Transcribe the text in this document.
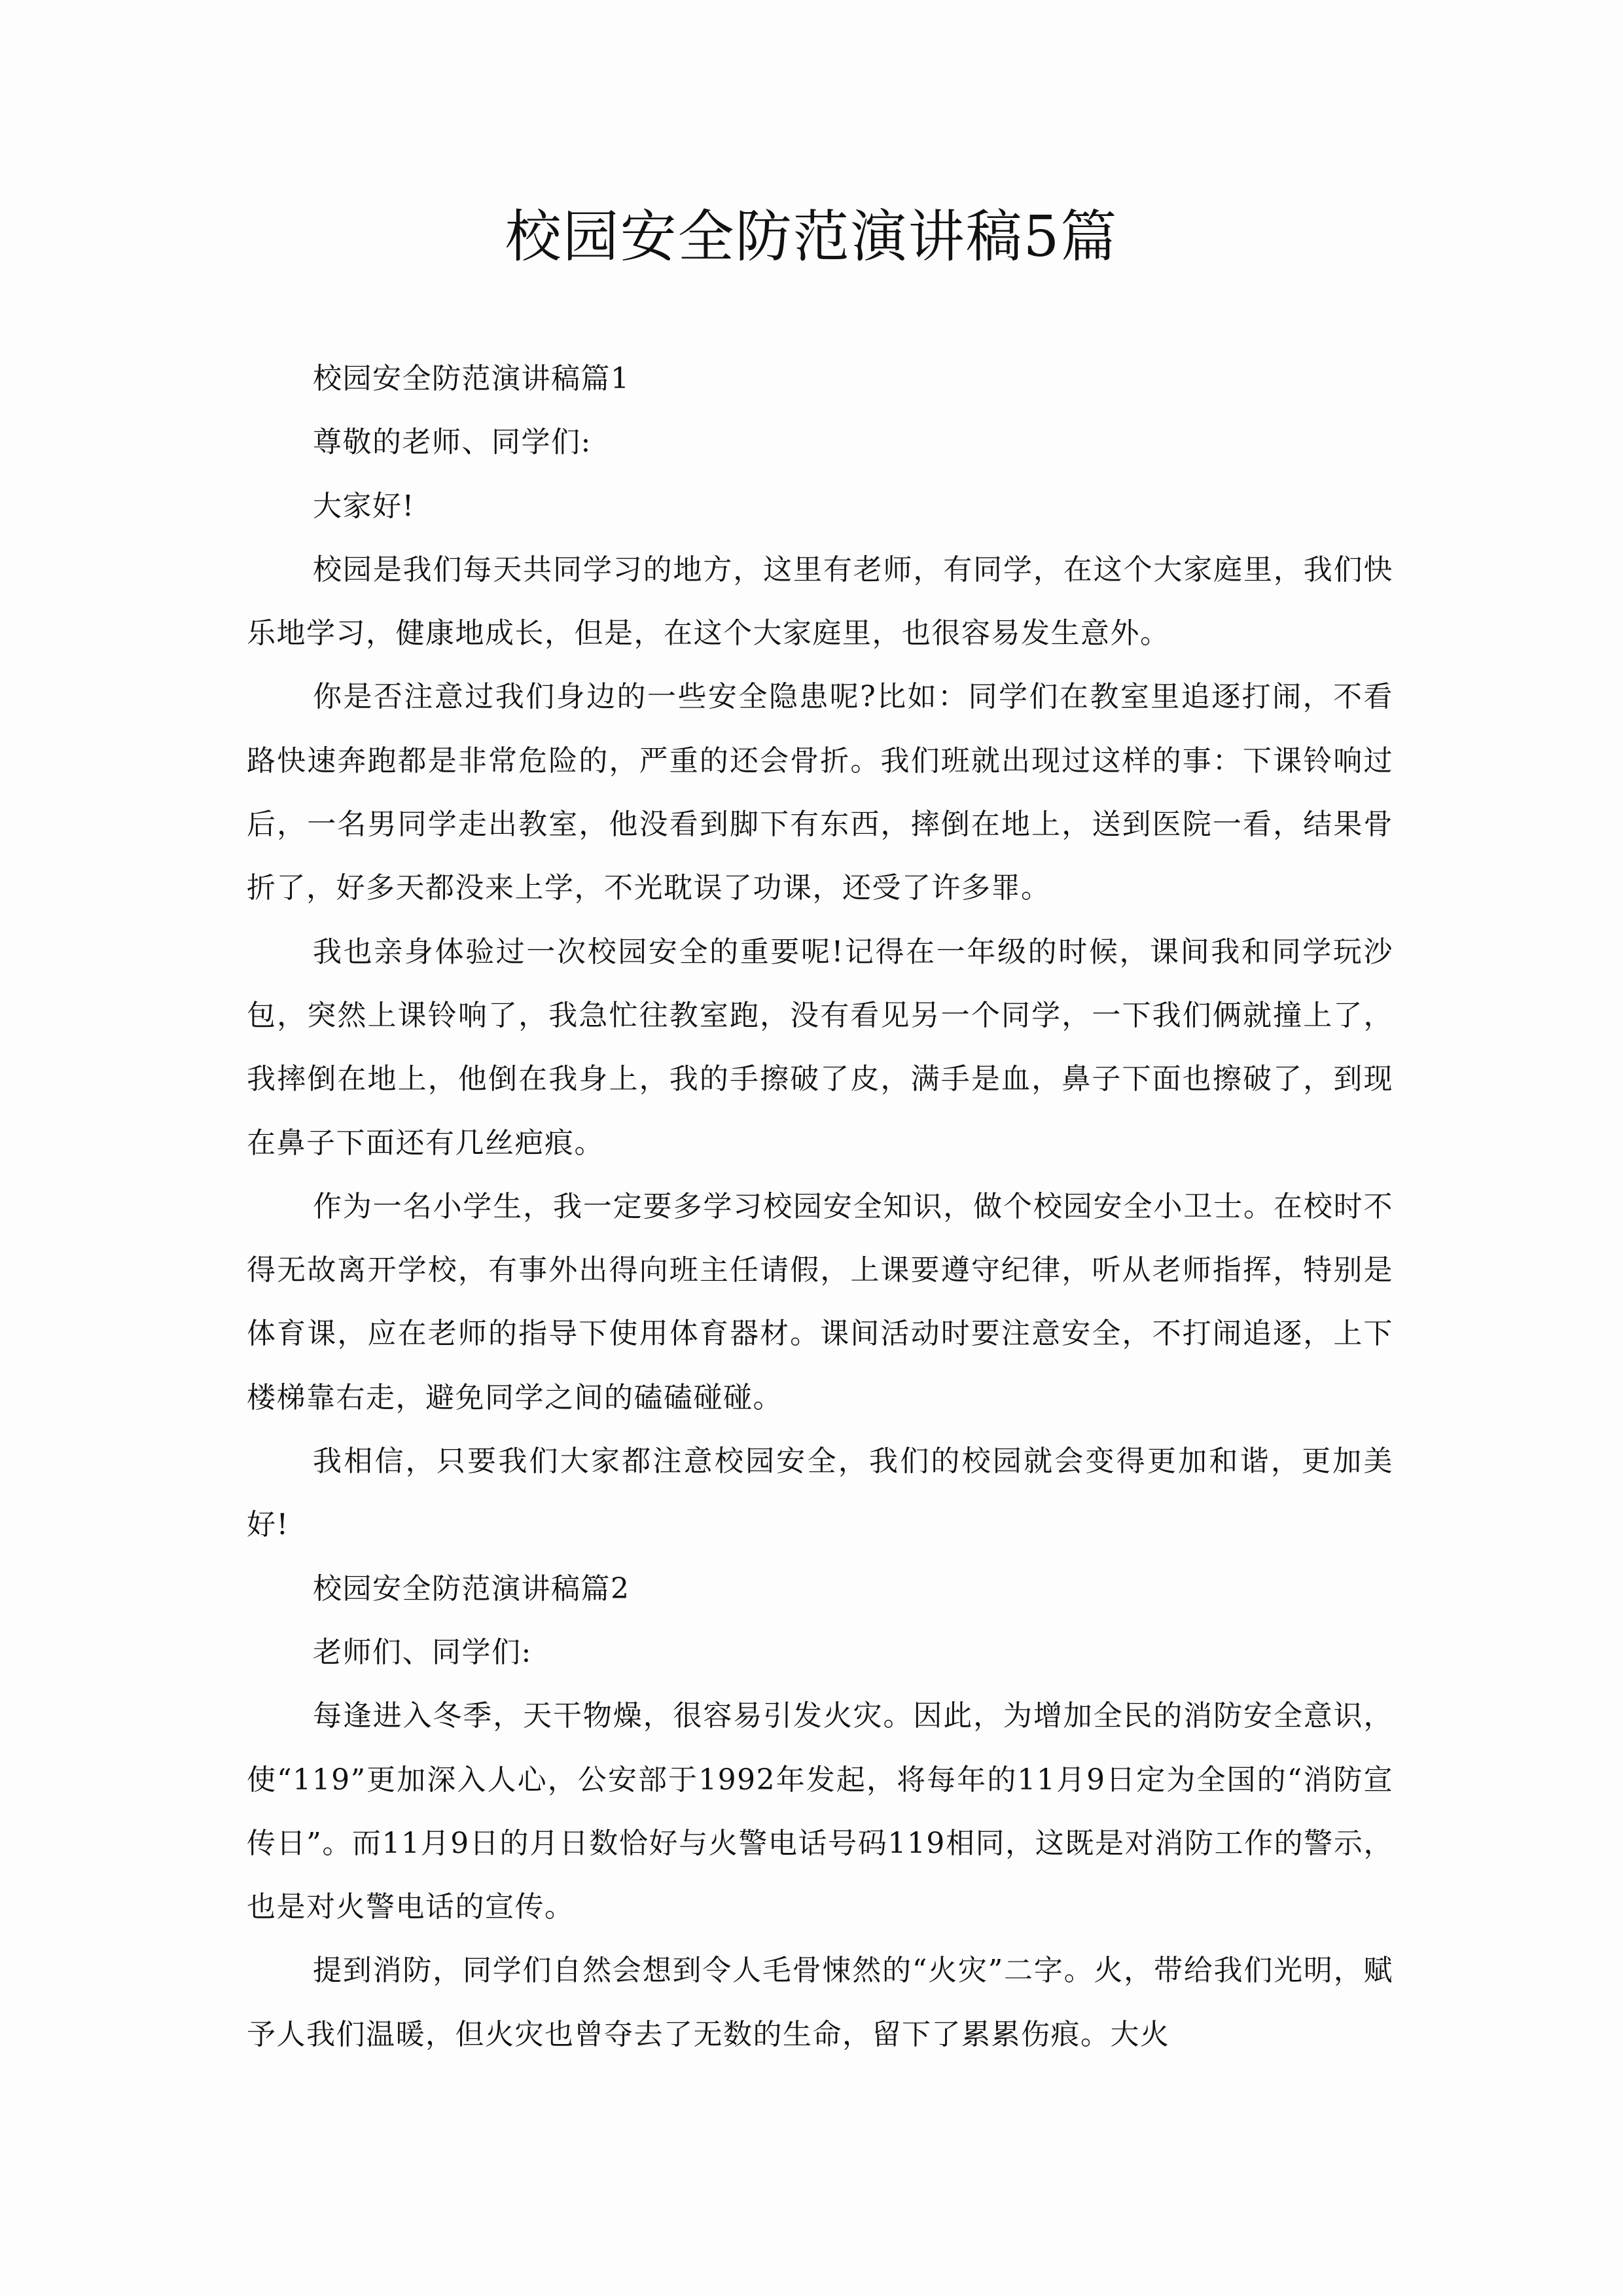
校园安全防范演讲稿5篇

校园安全防范演讲稿篇1

尊敬的老师、同学们:

大家好!

校园是我们每天共同学习的地方，这里有老师，有同学，在这个大家庭里，我们快乐地学习，健康地成长，但是，在这个大家庭里，也很容易发生意外。

你是否注意过我们身边的一些安全隐患呢?比如：同学们在教室里追逐打闹，不看路快速奔跑都是非常危险的，严重的还会骨折。我们班就出现过这样的事：下课铃响过后，一名男同学走出教室，他没看到脚下有东西，摔倒在地上，送到医院一看，结果骨折了，好多天都没来上学，不光耽误了功课，还受了许多罪。

我也亲身体验过一次校园安全的重要呢!记得在一年级的时候，课间我和同学玩沙包，突然上课铃响了，我急忙往教室跑，没有看见另一个同学，一下我们俩就撞上了，我摔倒在地上，他倒在我身上，我的手擦破了皮，满手是血，鼻子下面也擦破了，到现在鼻子下面还有几丝疤痕。

作为一名小学生，我一定要多学习校园安全知识，做个校园安全小卫士。在校时不得无故离开学校，有事外出得向班主任请假，上课要遵守纪律，听从老师指挥，特别是体育课，应在老师的指导下使用体育器材。课间活动时要注意安全，不打闹追逐，上下楼梯靠右走，避免同学之间的磕磕碰碰。

我相信，只要我们大家都注意校园安全，我们的校园就会变得更加和谐，更加美好!

校园安全防范演讲稿篇2

老师们、同学们:

每逢进入冬季，天干物燥，很容易引发火灾。因此，为增加全民的消防安全意识，使“119”更加深入人心，公安部于1992年发起，将每年的11月9日定为全国的“消防宣传日”。而11月9日的月日数恰好与火警电话号码119相同，这既是对消防工作的警示，也是对火警电话的宣传。

提到消防，同学们自然会想到令人毛骨悚然的“火灾”二字。火，带给我们光明，赋予人我们温暖，但火灾也曾夺去了无数的生命，留下了累累伤痕。大火
